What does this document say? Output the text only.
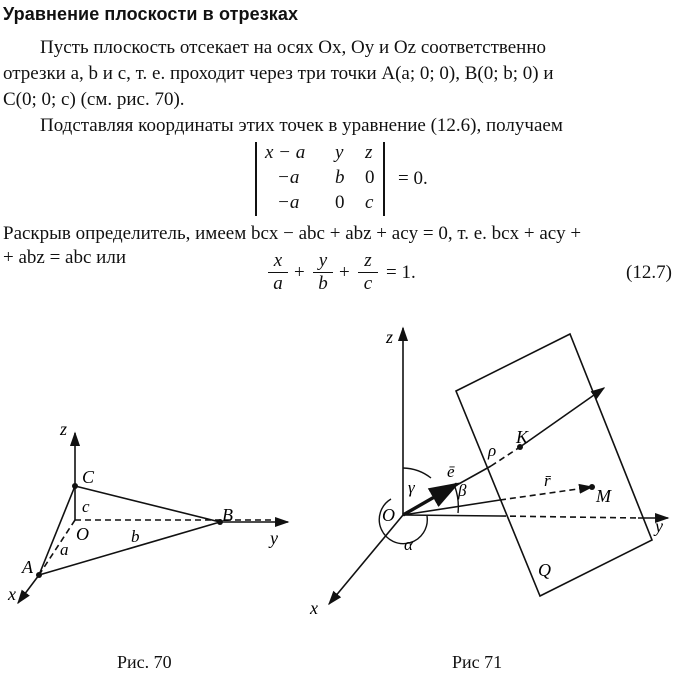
Уравнение плоскости в отрезках
Пусть плоскость отсекает на осях Ox, Oy и Oz соответственно
отрезки a, b и c, т. е. проходит через три точки A(a; 0; 0), B(0; b; 0) и
C(0; 0; c) (см. рис. 70).
Подставляя координаты этих точек в уравнение (12.6), получаем
x − a y z
−a b 0
−a 0 c
= 0.
Раскрыв определитель, имеем bcx − abc + abz + acy = 0, т. е. bcx + acy +
+ abz = abc или	$\frac{x}{a} + \frac{y}{b} + \frac{z}{c} = 1$.	(12.7)
z
y
x
C
B
A
O
c
b
a
z
y
x
O
K
M
Q
ē	r̄
ρ
α
β
γ
Рис. 70	Рис 71
